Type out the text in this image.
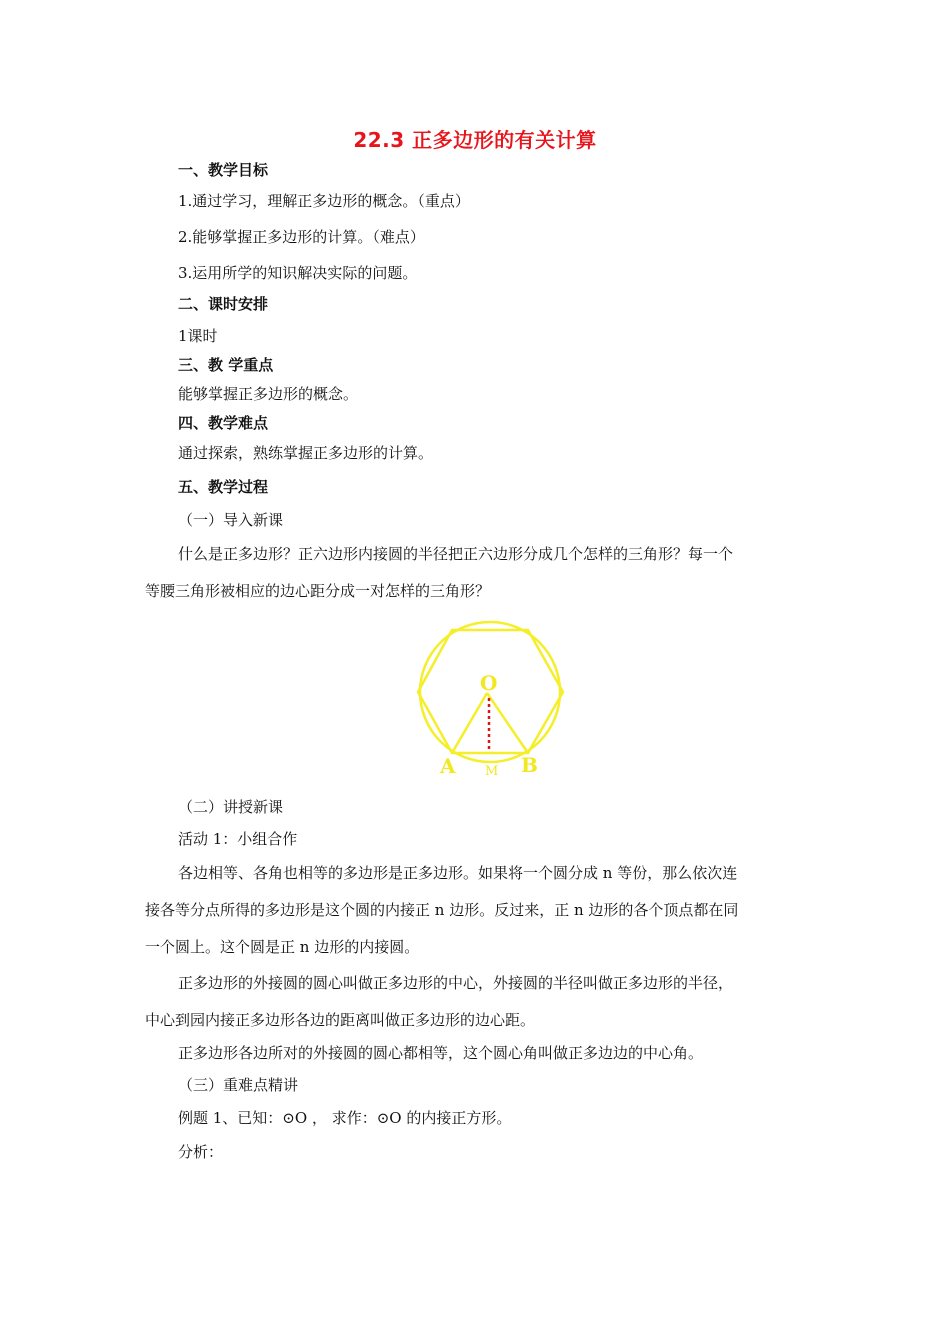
22.3 正多边形的有关计算
一、教学目标
1.通过学习，理解正多边形的概念。（重点）
2.能够掌握正多边形的计算。（难点）
3.运用所学的知识解决实际的问题。
二、课时安排
1课时
三、教 学重点
能够掌握正多边形的概念。
四、教学难点
通过探索，熟练掌握正多边形的计算。
五、教学过程
（一）导入新课
什么是正多边形？正六边形内接圆的半径把正六边形分成几个怎样的三角形？每一个
等腰三角形被相应的边心距分成一对怎样的三角形？
O
A M B
（二）讲授新课
活动 1：小组合作
各边相等、各角也相等的多边形是正多边形。如果将一个圆分成 n 等份，那么依次连
接各等分点所得的多边形是这个圆的内接正 n 边形。反过来，正 n 边形的各个顶点都在同
一个圆上。这个圆是正 n 边形的内接圆。
正多边形的外接圆的圆心叫做正多边形的中心，外接圆的半径叫做正多边形的半径，
中心到园内接正多边形各边的距离叫做正多边形的边心距。
正多边形各边所对的外接圆的圆心都相等，这个圆心角叫做正多边边的中心角。
（三）重难点精讲
例题 1、已知：⊙O ， 求作：⊙O 的内接正方形。
分析：
